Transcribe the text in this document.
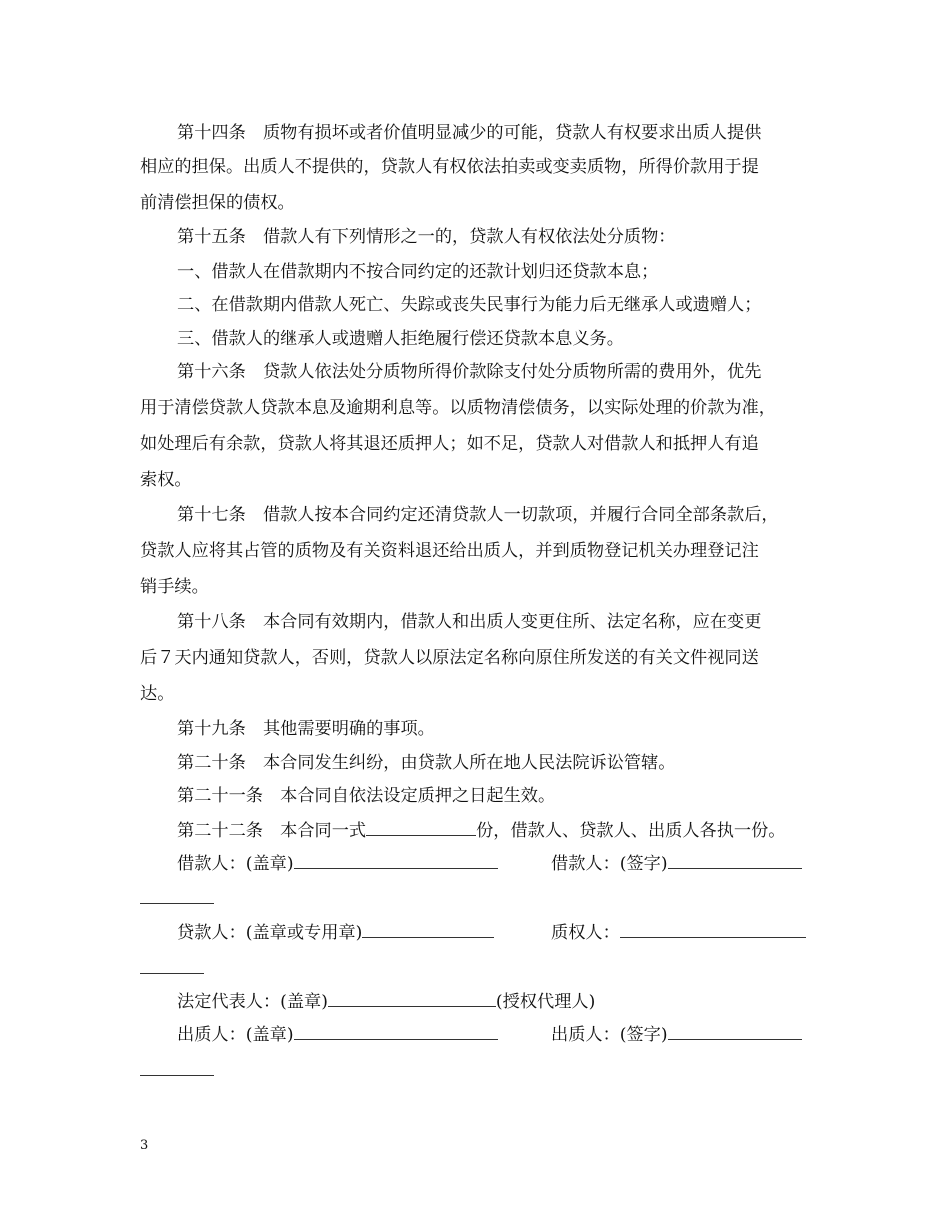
第十四条　质物有损坏或者价值明显减少的可能，贷款人有权要求出质人提供
相应的担保。出质人不提供的，贷款人有权依法拍卖或变卖质物，所得价款用于提
前清偿担保的债权。
第十五条　借款人有下列情形之一的，贷款人有权依法处分质物：
一、借款人在借款期内不按合同约定的还款计划归还贷款本息；
二、在借款期内借款人死亡、失踪或丧失民事行为能力后无继承人或遗赠人；
三、借款人的继承人或遗赠人拒绝履行偿还贷款本息义务。
第十六条　贷款人依法处分质物所得价款除支付处分质物所需的费用外，优先
用于清偿贷款人贷款本息及逾期利息等。以质物清偿债务，以实际处理的价款为准，
如处理后有余款，贷款人将其退还质押人；如不足，贷款人对借款人和抵押人有追
索权。
第十七条　借款人按本合同约定还清贷款人一切款项，并履行合同全部条款后，
贷款人应将其占管的质物及有关资料退还给出质人，并到质物登记机关办理登记注
销手续。
第十八条　本合同有效期内，借款人和出质人变更住所、法定名称，应在变更
后７天内通知贷款人，否则，贷款人以原法定名称向原住所发送的有关文件视同送
达。
第十九条　其他需要明确的事项。
第二十条　本合同发生纠纷，由贷款人所在地人民法院诉讼管辖。
第二十一条　本合同自依法设定质押之日起生效。
第二十二条　本合同一式	份，借款人、贷款人、出质人各执一份。
借款人：(盖章)	借款人：(签字)
贷款人：(盖章或专用章)	质权人：
法定代表人：(盖章)	(授权代理人)
出质人：(盖章)	出质人：(签字)
3
